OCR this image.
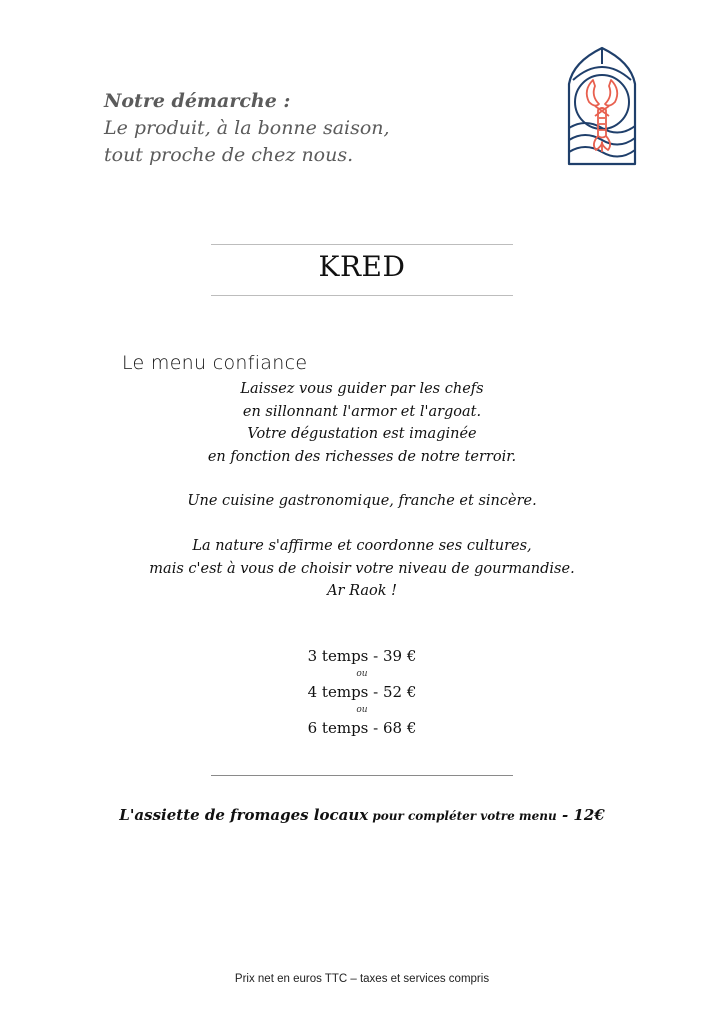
Notre démarche :
Le produit, à la bonne saison,
tout proche de chez nous.
KRED
Le menu confiance
Laissez vous guider par les chefs
en sillonnant l'armor et l'argoat.
Votre dégustation est imaginée
en fonction des richesses de notre terroir.
Une cuisine gastronomique, franche et sincère.
La nature s'affirme et coordonne ses cultures,
mais c'est à vous de choisir votre niveau de gourmandise.
Ar Raok !
3 temps - 39 €
ou
4 temps - 52 €
ou
6 temps - 68 €
L'assiette de fromages locaux pour compléter votre menu - 12€
Prix net en euros TTC – taxes et services compris
